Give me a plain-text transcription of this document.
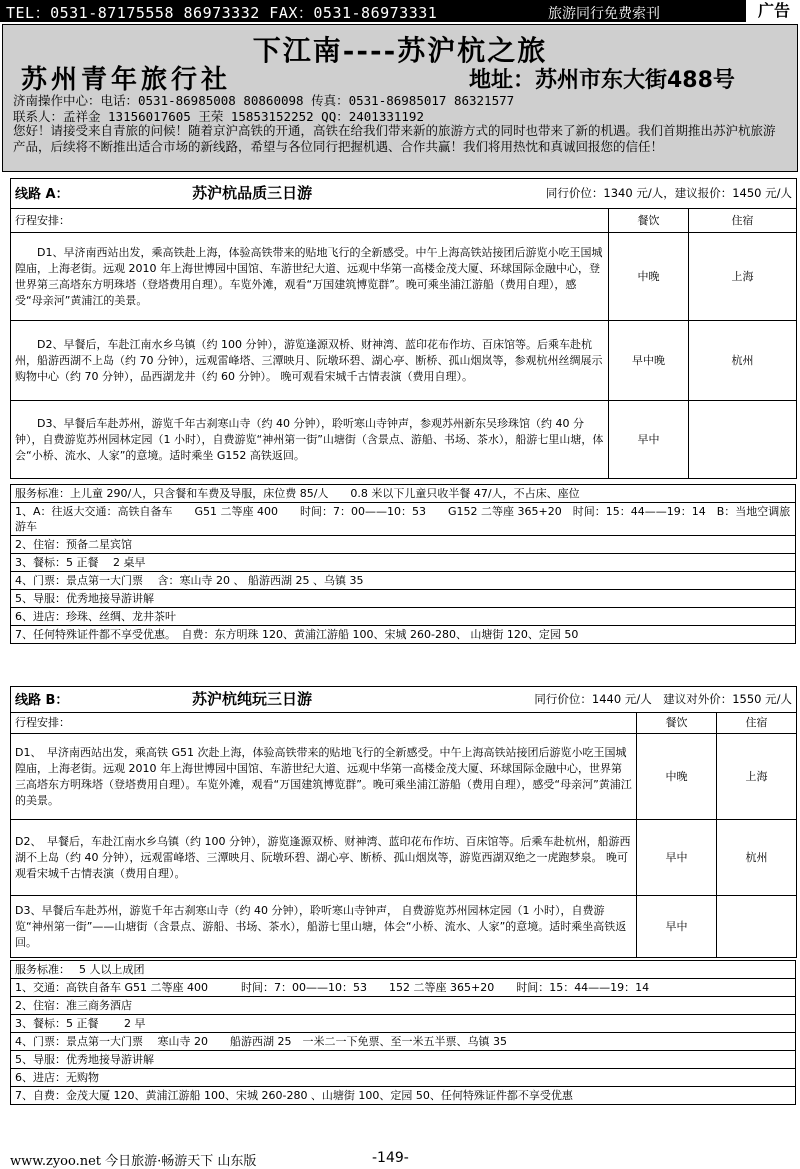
TEL：0531-87175558 86973332 FAX：0531-86973331	旅游同行免费索刊	广告
下江南----苏沪杭之旅
苏州青年旅行社	地址：苏州市东大街488号
济南操作中心：电话：0531-86985008 80860098 传真：0531-86985017 86321577
联系人：孟祥金 13156017605 王荣 15853152252 QQ：2401331192
您好！请接受来自青旅的问候！随着京沪高铁的开通，高铁在给我们带来新的旅游方式的同时也带来了新的机遇。我们首期推出苏沪杭旅游产品，后续将不断推出适合市场的新线路，希望与各位同行把握机遇、合作共赢！我们将用热忱和真诚回报您的信任！
线路 A： 苏沪杭品质三日游 同行价位：1340 元/人，建议报价：1450 元/人		

行程安排：	餐饮	住宿
D1、早济南西站出发，乘高铁赴上海，体验高铁带来的贴地飞行的全新感受。中午上海高铁站接团后游览小吃王国城隍庙，上海老街。远观 2010 年上海世博园中国馆、车游世纪大道、远观中华第一高楼金茂大厦、环球国际金融中心，登世界第三高塔东方明珠塔（登塔费用自理）。车览外滩，观看“万国建筑博览群”。晚可乘坐浦江游船（费用自理），感受“母亲河”黄浦江的美景。	中晚	上海
D2、早餐后，车赴江南水乡乌镇（约 100 分钟），游览逢源双桥、财神湾、蓝印花布作坊、百床馆等。后乘车赴杭州，船游西湖不上岛（约 70 分钟），远观雷峰塔、三潭映月、阮墩环碧、湖心亭、断桥、孤山烟岚等，参观杭州丝绸展示购物中心（约 70 分钟），品西湖龙井（约 60 分钟）。 晚可观看宋城千古情表演（费用自理）。	早中晚	杭州
D3、早餐后车赴苏州，游览千年古刹寒山寺（约 40 分钟），聆听寒山寺钟声，参观苏州新东吴珍珠馆（约 40 分钟），自费游览苏州园林定园（1 小时），自费游览“神州第一街”山塘街（含景点、游船、书场、茶水），船游七里山塘，体会“小桥、流水、人家”的意境。适时乘坐 G152 高铁返回。	早中	
服务标准：上儿童 290/人，只含餐和车费及导服，床位费 85/人　　0.8 米以下儿童只收半餐 47/人，不占床、座位
1、A：往返大交通：高铁自备车　　G51 二等座 400　　时间：7：00——10：53　　G152 二等座 365+20　时间：15：44——19：14　B：当地空调旅游车
2、住宿：预备二星宾馆
3、餐标：5 正餐　 2 桌早
4、门票：景点第一大门票　 含：寒山寺 20 、 船游西湖 25 、乌镇 35
5、导服：优秀地接导游讲解
6、进店：珍珠、丝绸、龙井茶叶
7、任何特殊证件都不享受优惠。　自费：东方明珠 120、黄浦江游船 100、宋城 260-280、 山塘街 120、定园 50
线路 B： 苏沪杭纯玩三日游 同行价位：1440 元/人　建议对外价：1550 元/人		

行程安排：	餐饮	住宿
D1、　早济南西站出发，乘高铁 G51 次赴上海，体验高铁带来的贴地飞行的全新感受。中午上海高铁站接团后游览小吃王国城隍庙，上海老街。远观 2010 年上海世博园中国馆、车游世纪大道、远观中华第一高楼金茂大厦、环球国际金融中心，世界第三高塔东方明珠塔（登塔费用自理）。车览外滩，观看“万国建筑博览群”。晚可乘坐浦江游船（费用自理），感受“母亲河”黄浦江的美景。	中晚	上海
D2、　早餐后，车赴江南水乡乌镇（约 100 分钟），游览逢源双桥、财神湾、蓝印花布作坊、百床馆等。后乘车赴杭州，船游西湖不上岛（约 40 分钟），远观雷峰塔、三潭映月、阮墩环碧、湖心亭、断桥、孤山烟岚等，游览西湖双绝之一虎跑梦泉。 晚可观看宋城千古情表演（费用自理）。	早中	杭州
D3、早餐后车赴苏州，游览千年古刹寒山寺（约 40 分钟），聆听寒山寺钟声， 自费游览苏州园林定园（1 小时），自费游览“神州第一街”——山塘街（含景点、游船、书场、茶水），船游七里山塘，体会“小桥、流水、人家”的意境。适时乘坐高铁返回。	早中	
服务标准：　 5 人以上成团
1、交通：高铁自备车 G51 二等座 400　　　时间：7：00——10：53　　152 二等座 365+20　　时间：15：44——19：14
2、住宿：准三商务酒店
3、餐标：5 正餐　　 2 早
4、门票：景点第一大门票　 寒山寺 20　　船游西湖 25　一米二一下免票、至一米五半票、乌镇 35
5、导服：优秀地接导游讲解
6、进店：无购物
7、自费：金茂大厦 120、黄浦江游船 100、宋城 260-280 、山塘街 100、定园 50、任何特殊证件都不享受优惠
www.zyoo.net 今日旅游·畅游天下 山东版	-149-
